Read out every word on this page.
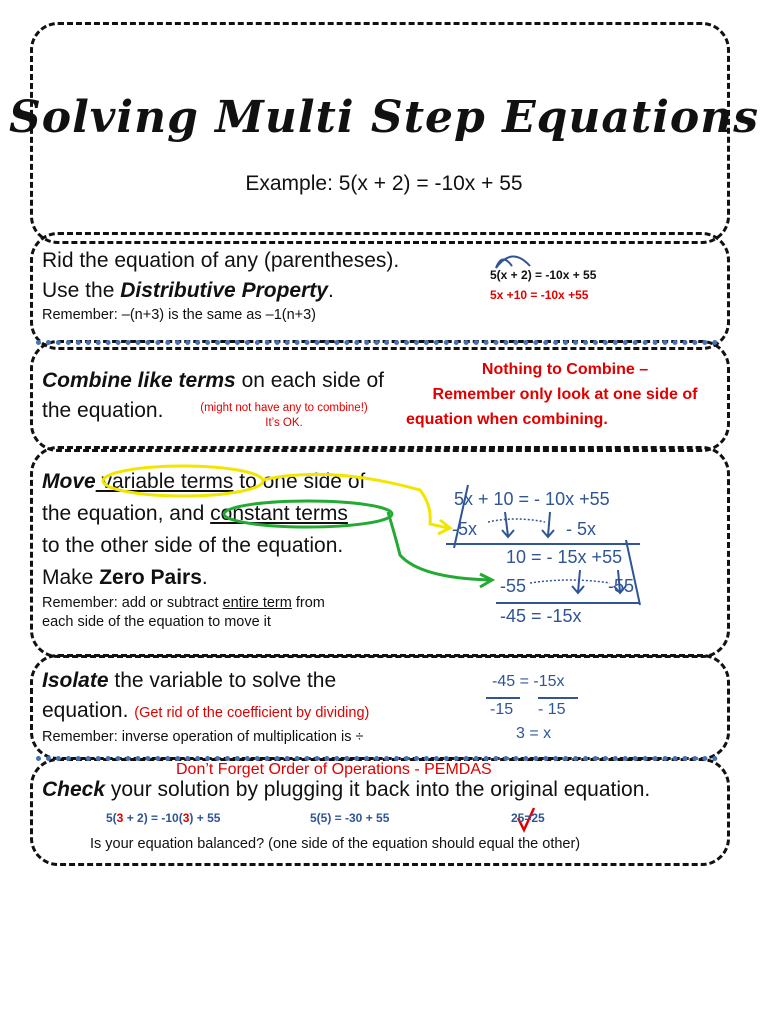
Solving Multi Step Equations
Example: 5(x + 2) = -10x + 55
Rid the equation of any (parentheses).
Use the Distributive Property.
Remember: –(n+3) is the same as –1(n+3)
5(x + 2) = -10x + 55
5x +10 = -10x +55
Combine like terms on each side of
the equation.	(might not have any to combine!)
It’s OK.
Nothing to Combine –
Remember only look at one side of
equation when combining.
Move variable terms to one side of
the equation, and constant terms
to the other side of the equation.
Make Zero Pairs.
Remember: add or subtract entire term from
each side of the equation to move it
5x + 10 = - 10x +55
-5x	- 5x
10 = - 15x +55
-55	-55
-45 = -15x
Isolate the variable to solve the
equation. (Get rid of the coefficient by dividing)
Remember: inverse operation of multiplication is ÷
-45 = -15x
-15 - 15
3 = x
Don’t Forget Order of Operations - PEMDAS
Check your solution by plugging it back into the original equation.
5(3 + 2) = -10(3) + 55	5(5) = -30 + 55	25=25
Is your equation balanced? (one side of the equation should equal the other)
